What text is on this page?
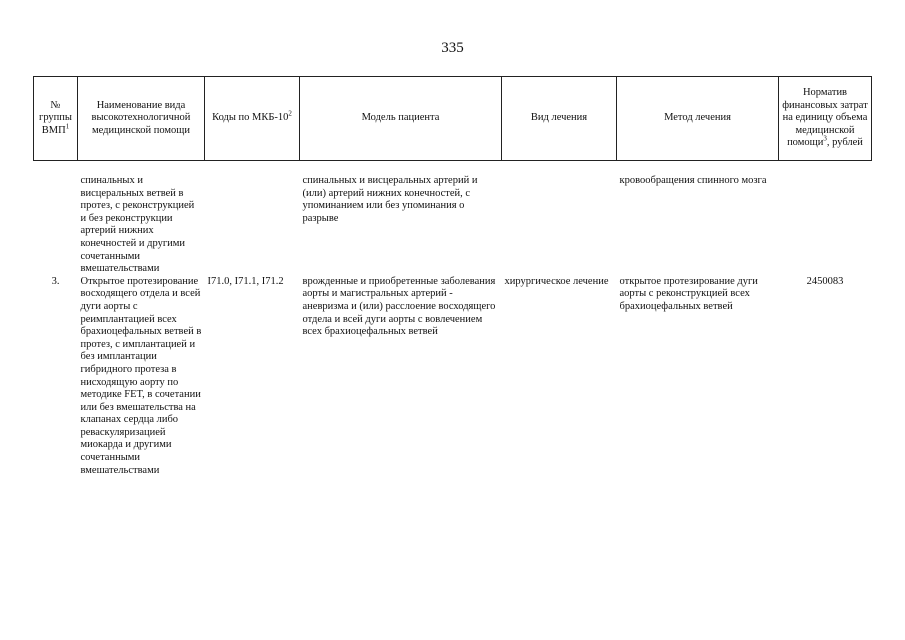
335
№ группы ВМП$^1$	Наименование вида высокотехнологичной медицинской помощи	Коды по МКБ-$10^2$	Модель пациента	Вид лечения	Метод лечения	Норматив финансовых затрат на единицу объема медицинской помощи$^3$, рублей

	спинальных и висцеральных ветвей в протез, с реконструкцией и без реконструкции артерий нижних конечностей и другими сочетанными вмешательствами		спинальных и висцеральных артерий и (или) артерий нижних конечностей, с упоминанием или без упоминания о разрыве		кровообращения спинного мозга	
3.	Открытое протезирование восходящего отдела и всей дуги аорты с реимплантацией всех брахиоцефальных ветвей в протез, с имплантацией и без имплантации гибридного протеза в нисходящую аорту по методике FET, в сочетании или без вмешательства на клапанах сердца либо реваскуляризацией миокарда и другими сочетанными вмешательствами	I71.0, I71.1, I71.2	врожденные и приобретенные заболевания аорты и магистральных артерий - аневризма и (или) расслоение восходящего отдела и всей дуги аорты с вовлечением всех брахиоцефальных ветвей	хирургическое лечение	открытое протезирование дуги аорты с реконструкцией всех брахиоцефальных ветвей	2450083
